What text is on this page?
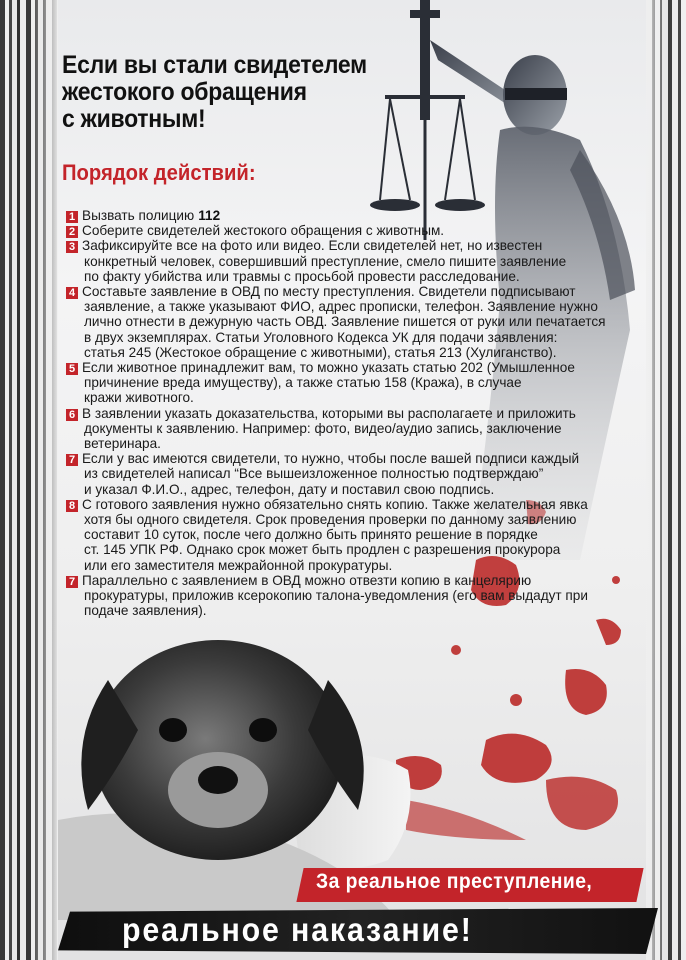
Если вы стали свидетелем
жестокого обращения
с животным!
Порядок действий:
1 Вызвать полицию 112
2 Соберите свидетелей жестокого обращения с животным.
3 Зафиксируйте все на фото или видео. Если свидетелей нет, но известен
конкретный человек, совершивший преступление, смело пишите заявление
по факту убийства или травмы с просьбой провести расследование.
4 Составьте заявление в ОВД по месту преступления. Свидетели подписывают
заявление, а также указывают ФИО, адрес прописки, телефон. Заявление нужно
лично отнести в дежурную часть ОВД. Заявление пишется от руки или печатается
в двух экземплярах. Статьи Уголовного Кодекса УК для подачи заявления:
статья 245 (Жестокое обращение с животными), статья 213 (Хулиганство).
5 Если животное принадлежит вам, то можно указать статью 202 (Умышленное
причинение вреда имуществу), а также статью 158 (Кража), в случае
кражи животного.
6 В заявлении указать доказательства, которыми вы располагаете и приложить
документы к заявлению. Например: фото, видео/аудио запись, заключение
ветеринара.
7 Если у вас имеются свидетели, то нужно, чтобы после вашей подписи каждый
из свидетелей написал “Все вышеизложенное полностью подтверждаю”
и указал Ф.И.О., адрес, телефон, дату и поставил свою подпись.
8 С готового заявления нужно обязательно снять копию. Также желательная явка
хотя бы одного свидетеля. Срок проведения проверки по данному заявлению
составит 10 суток, после чего должно быть принято решение в порядке
ст. 145 УПК РФ. Однако срок может быть продлен с разрешения прокурора
или его заместителя межрайонной прокуратуры.
7 Параллельно с заявлением в ОВД можно отвезти копию в канцелярию
прокуратуры, приложив ксерокопию талона-уведомления (его вам выдадут при
подаче заявления).
За реальное преступление,
реальное наказание!
